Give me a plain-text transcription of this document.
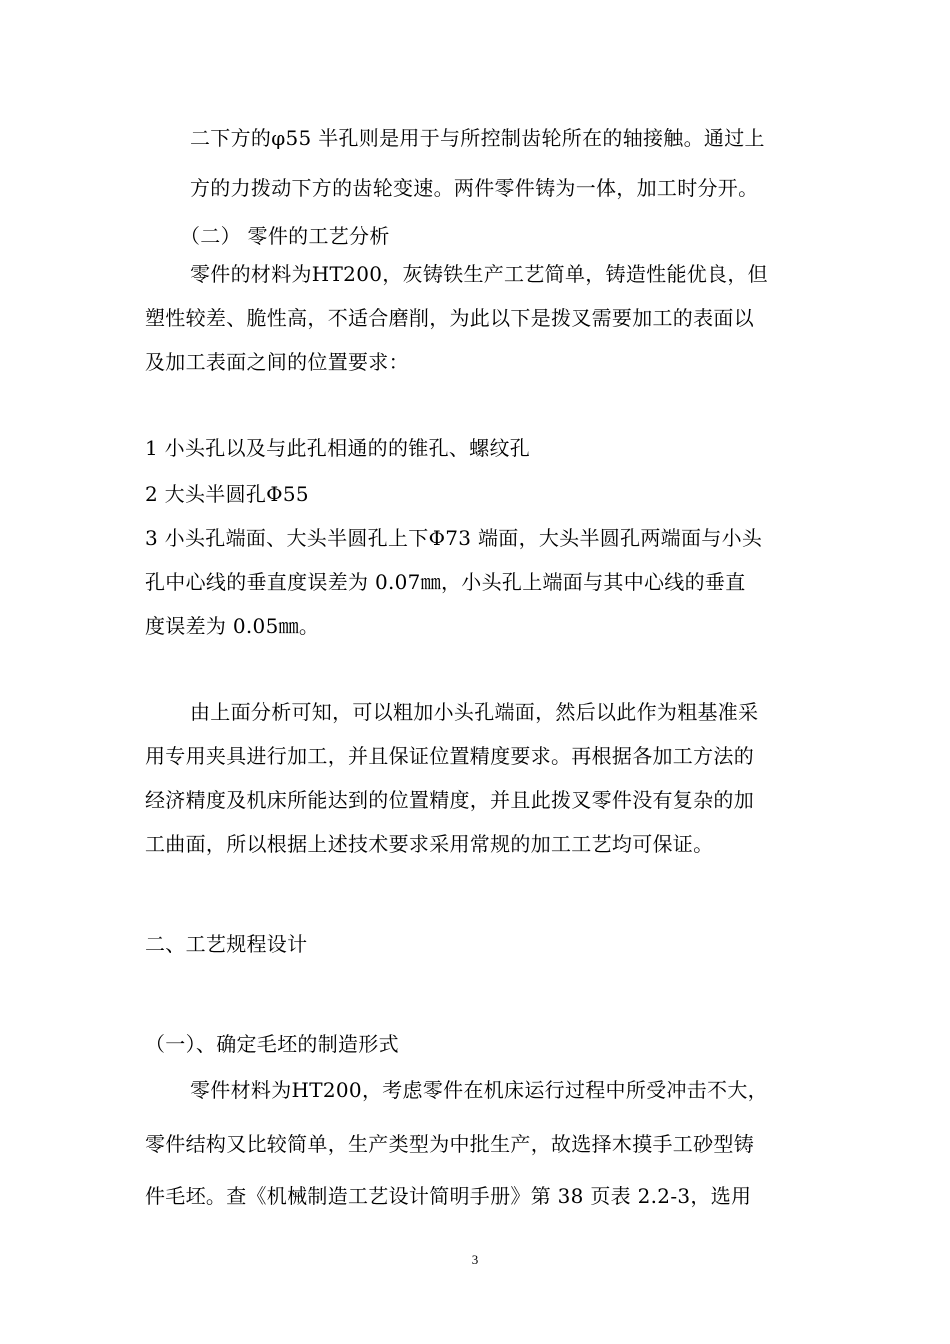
二下方的φ55 半孔则是用于与所控制齿轮所在的轴接触。通过上
方的力拨动下方的齿轮变速。两件零件铸为一体，加工时分开。
（二） 零件的工艺分析
零件的材料为HT200，灰铸铁生产工艺简单，铸造性能优良，但
塑性较差、脆性高，不适合磨削，为此以下是拨叉需要加工的表面以
及加工表面之间的位置要求：
1 小头孔以及与此孔相通的的锥孔、螺纹孔
2 大头半圆孔Φ55
3 小头孔端面、大头半圆孔上下Φ73 端面，大头半圆孔两端面与小头
孔中心线的垂直度误差为 0.07㎜，小头孔上端面与其中心线的垂直
度误差为 0.05㎜。
由上面分析可知，可以粗加小头孔端面，然后以此作为粗基准采
用专用夹具进行加工，并且保证位置精度要求。再根据各加工方法的
经济精度及机床所能达到的位置精度，并且此拨叉零件没有复杂的加
工曲面，所以根据上述技术要求采用常规的加工工艺均可保证。
二、工艺规程设计
（一）、确定毛坯的制造形式
零件材料为HT200，考虑零件在机床运行过程中所受冲击不大，
零件结构又比较简单，生产类型为中批生产，故选择木摸手工砂型铸
件毛坯。查《机械制造工艺设计简明手册》第 38 页表 2.2-3，选用
3
